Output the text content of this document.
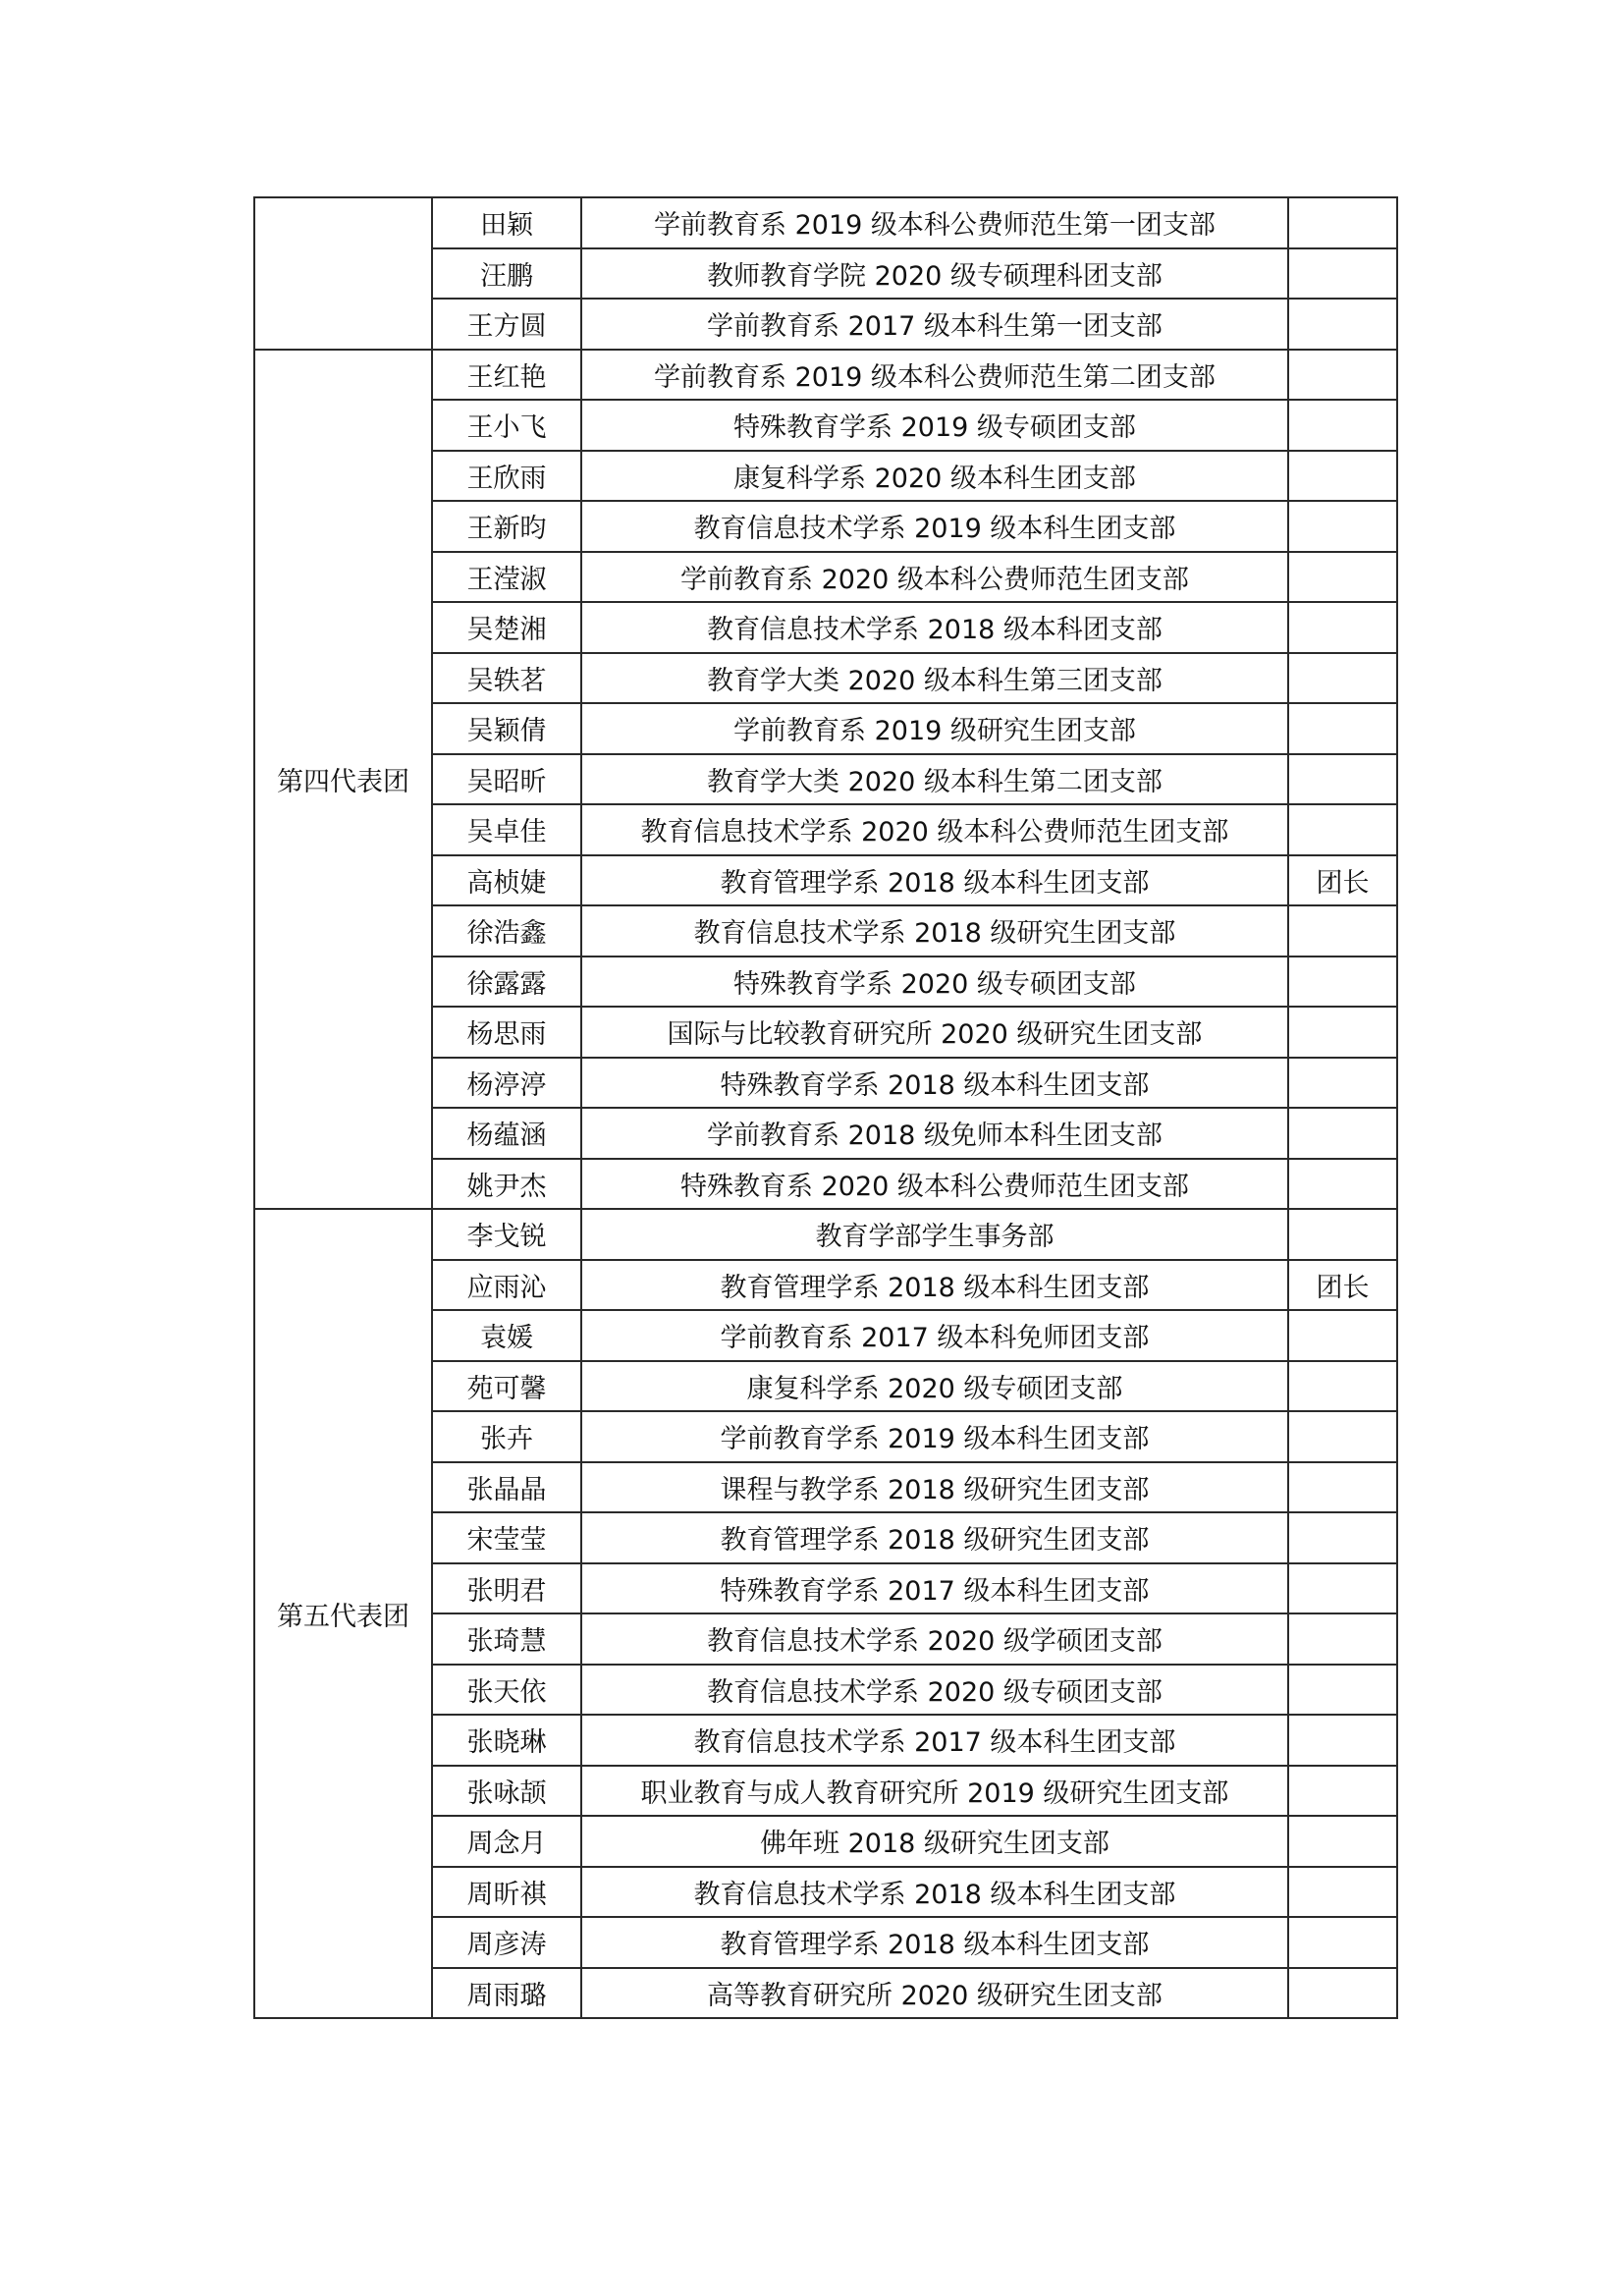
	田颖	学前教育系 2019 级本科公费师范生第一团支部	
	汪鹏	教师教育学院 2020 级专硕理科团支部	
	王方圆	学前教育系 2017 级本科生第一团支部	
第四代表团	王红艳	学前教育系 2019 级本科公费师范生第二团支部	
	王小飞	特殊教育学系 2019 级专硕团支部	
	王欣雨	康复科学系 2020 级本科生团支部	
	王新昀	教育信息技术学系 2019 级本科生团支部	
	王滢淑	学前教育系 2020 级本科公费师范生团支部	
	吴楚湘	教育信息技术学系 2018 级本科团支部	
	吴轶茗	教育学大类 2020 级本科生第三团支部	
	吴颖倩	学前教育系 2019 级研究生团支部	
	吴昭昕	教育学大类 2020 级本科生第二团支部	
	吴卓佳	教育信息技术学系 2020 级本科公费师范生团支部	
	高桢婕	教育管理学系 2018 级本科生团支部	团长
	徐浩鑫	教育信息技术学系 2018 级研究生团支部	
	徐露露	特殊教育学系 2020 级专硕团支部	
	杨思雨	国际与比较教育研究所 2020 级研究生团支部	
	杨渟渟	特殊教育学系 2018 级本科生团支部	
	杨蕴涵	学前教育系 2018 级免师本科生团支部	
	姚尹杰	特殊教育系 2020 级本科公费师范生团支部	
第五代表团	李戈锐	教育学部学生事务部	
	应雨沁	教育管理学系 2018 级本科生团支部	团长
	袁媛	学前教育系 2017 级本科免师团支部	
	苑可馨	康复科学系 2020 级专硕团支部	
	张卉	学前教育学系 2019 级本科生团支部	
	张晶晶	课程与教学系 2018 级研究生团支部	
	宋莹莹	教育管理学系 2018 级研究生团支部	
	张明君	特殊教育学系 2017 级本科生团支部	
	张琦慧	教育信息技术学系 2020 级学硕团支部	
	张天依	教育信息技术学系 2020 级专硕团支部	
	张晓琳	教育信息技术学系 2017 级本科生团支部	
	张咏颉	职业教育与成人教育研究所 2019 级研究生团支部	
	周念月	佛年班 2018 级研究生团支部	
	周昕祺	教育信息技术学系 2018 级本科生团支部	
	周彦涛	教育管理学系 2018 级本科生团支部	
	周雨璐	高等教育研究所 2020 级研究生团支部	
